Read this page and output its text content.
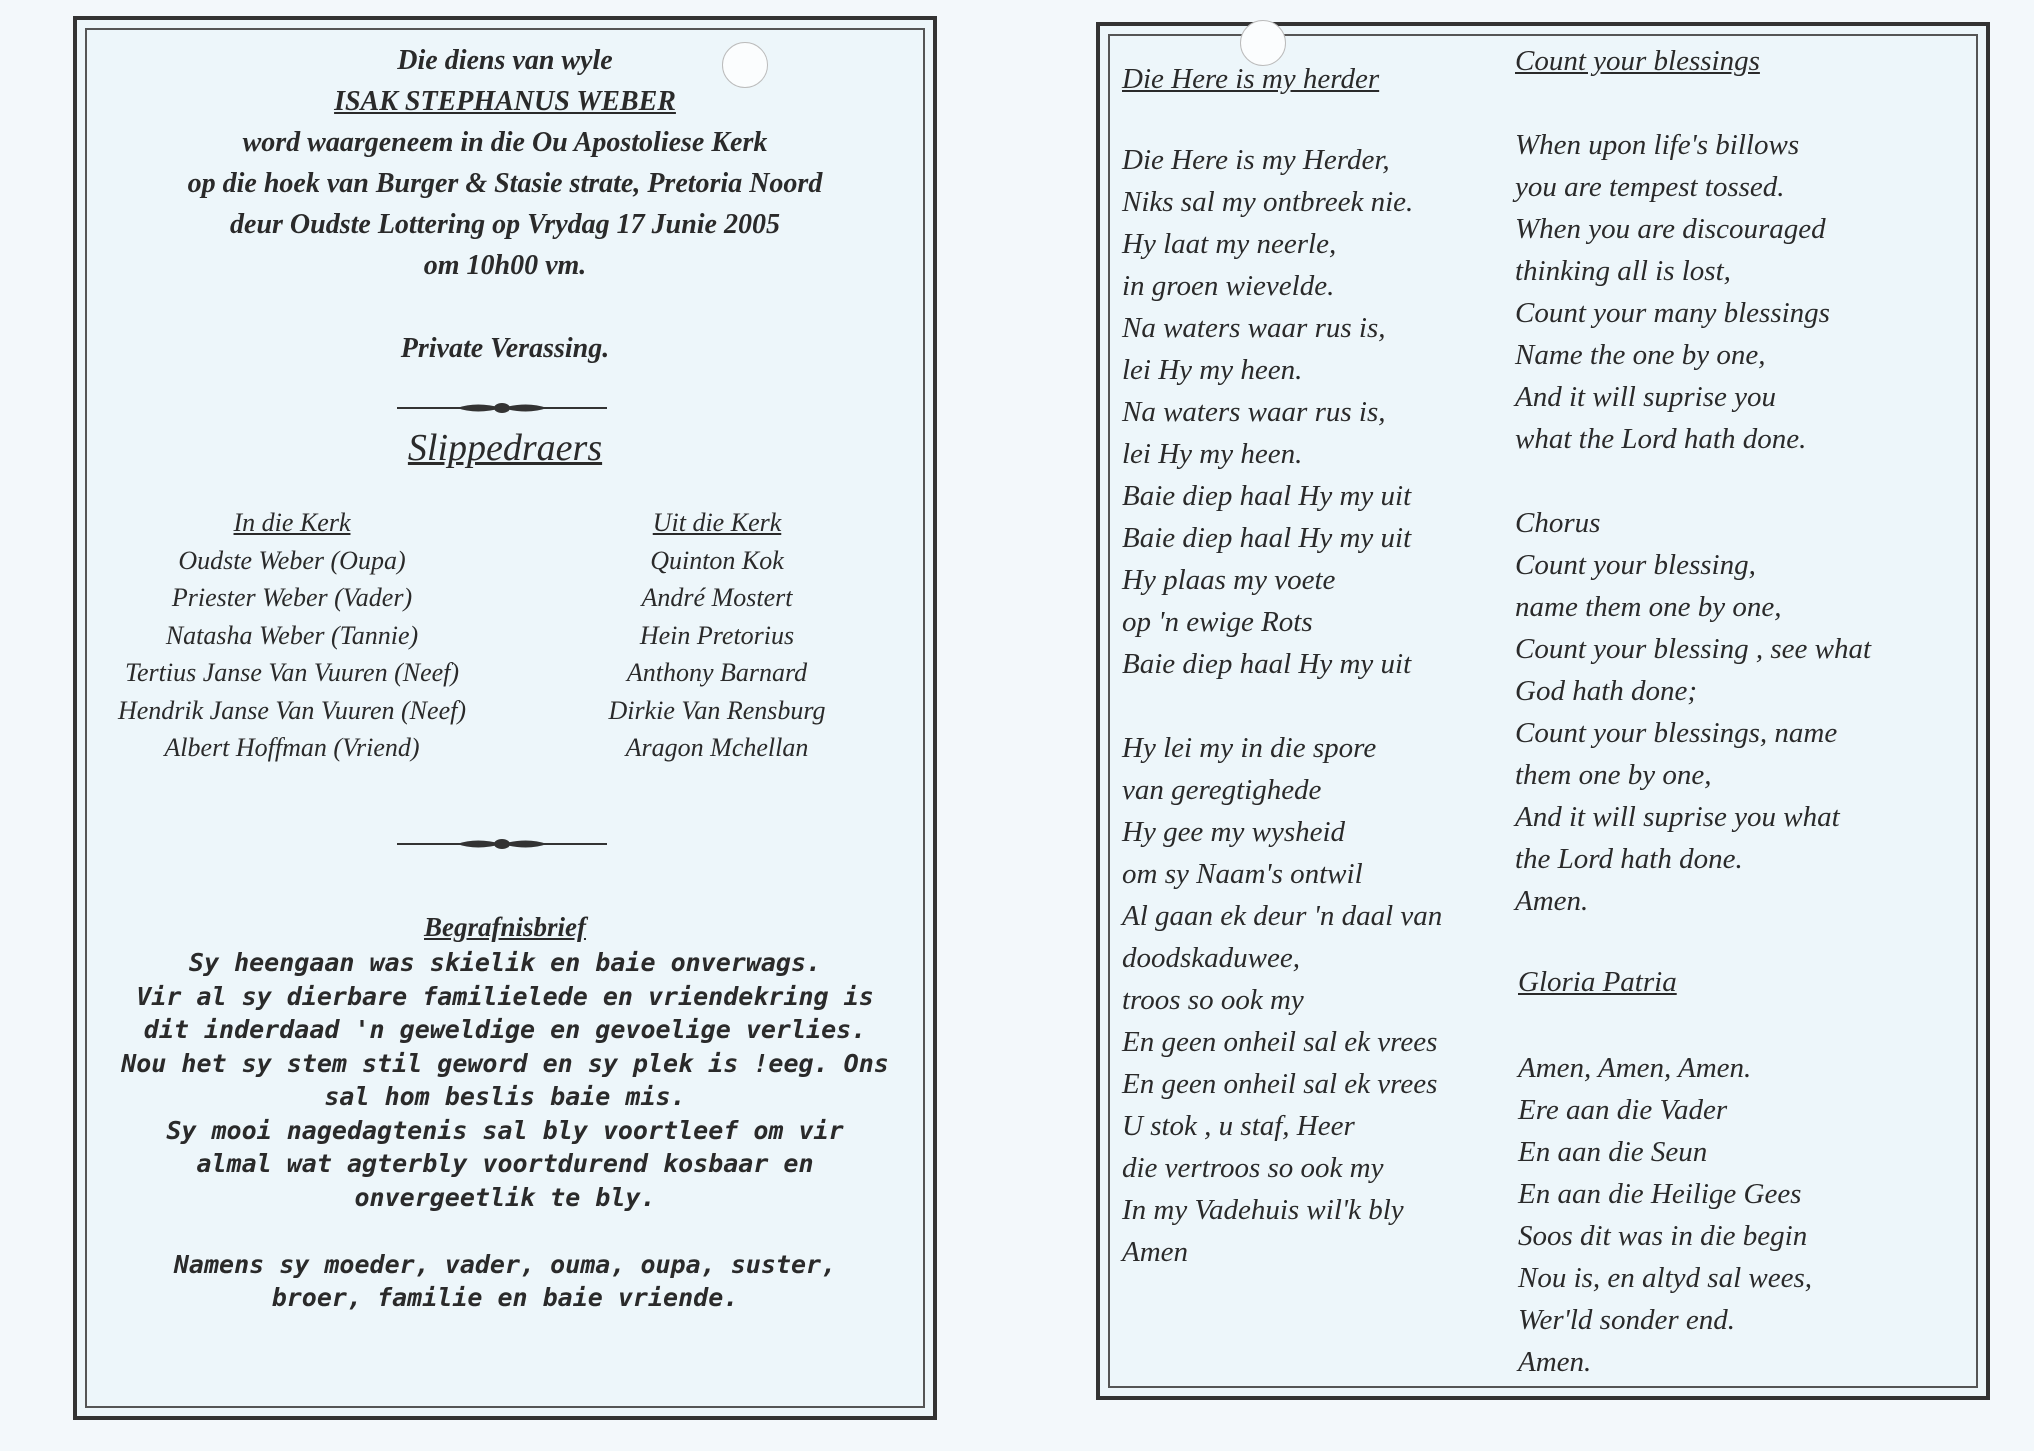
Die diens van wyle
ISAK STEPHANUS WEBER
word waargeneem in die Ou Apostoliese Kerk
op die hoek van Burger & Stasie strate, Pretoria Noord
deur Oudste Lottering op Vrydag 17 Junie 2005
om 10h00 vm.
Private Verassing.
Slippedraers
In die Kerk
Oudste Weber (Oupa)
Priester Weber (Vader)
Natasha Weber (Tannie)
Tertius Janse Van Vuuren (Neef)
Hendrik Janse Van Vuuren (Neef)
Albert Hoffman (Vriend)
Uit die Kerk
Quinton Kok
André Mostert
Hein Pretorius
Anthony Barnard
Dirkie Van Rensburg
Aragon Mchellan
Begrafnisbrief
Sy heengaan was skielik en baie onverwags.
Vir al sy dierbare familielede en vriendekring is
dit inderdaad 'n geweldige en gevoelige verlies.
Nou het sy stem stil geword en sy plek is !eeg. Ons
sal hom beslis baie mis.
Sy mooi nagedagtenis sal bly voortleef om vir
almal wat agterbly voortdurend kosbaar en
onvergeetlik te bly.
Namens sy moeder, vader, ouma, oupa, suster,
broer, familie en baie vriende.
Die Here is my herder
Die Here is my Herder,
Niks sal my ontbreek nie.
Hy laat my neerle,
in groen wievelde.
Na waters waar rus is,
lei Hy my heen.
Na waters waar rus is,
lei Hy my heen.
Baie diep haal Hy my uit
Baie diep haal Hy my uit
Hy plaas my voete
op 'n ewige Rots
Baie diep haal Hy my uit
Hy lei my in die spore
van geregtighede
Hy gee my wysheid
om sy Naam's ontwil
Al gaan ek deur 'n daal van
doodskaduwee,
troos so ook my
En geen onheil sal ek vrees
En geen onheil sal ek vrees
U stok , u staf, Heer
die vertroos so ook my
In my Vadehuis wil'k bly
Amen
Count your blessings
When upon life's billows
you are tempest tossed.
When you are discouraged
thinking all is lost,
Count your many blessings
Name the one by one,
And it will suprise you
what the Lord hath done.
Chorus
Count your blessing,
name them one by one,
Count your blessing , see what
God hath done;
Count your blessings, name
them one by one,
And it will suprise you what
the Lord hath done.
Amen.
Gloria Patria
Amen, Amen, Amen.
Ere aan die Vader
En aan die Seun
En aan die Heilige Gees
Soos dit was in die begin
Nou is, en altyd sal wees,
Wer'ld sonder end.
Amen.
